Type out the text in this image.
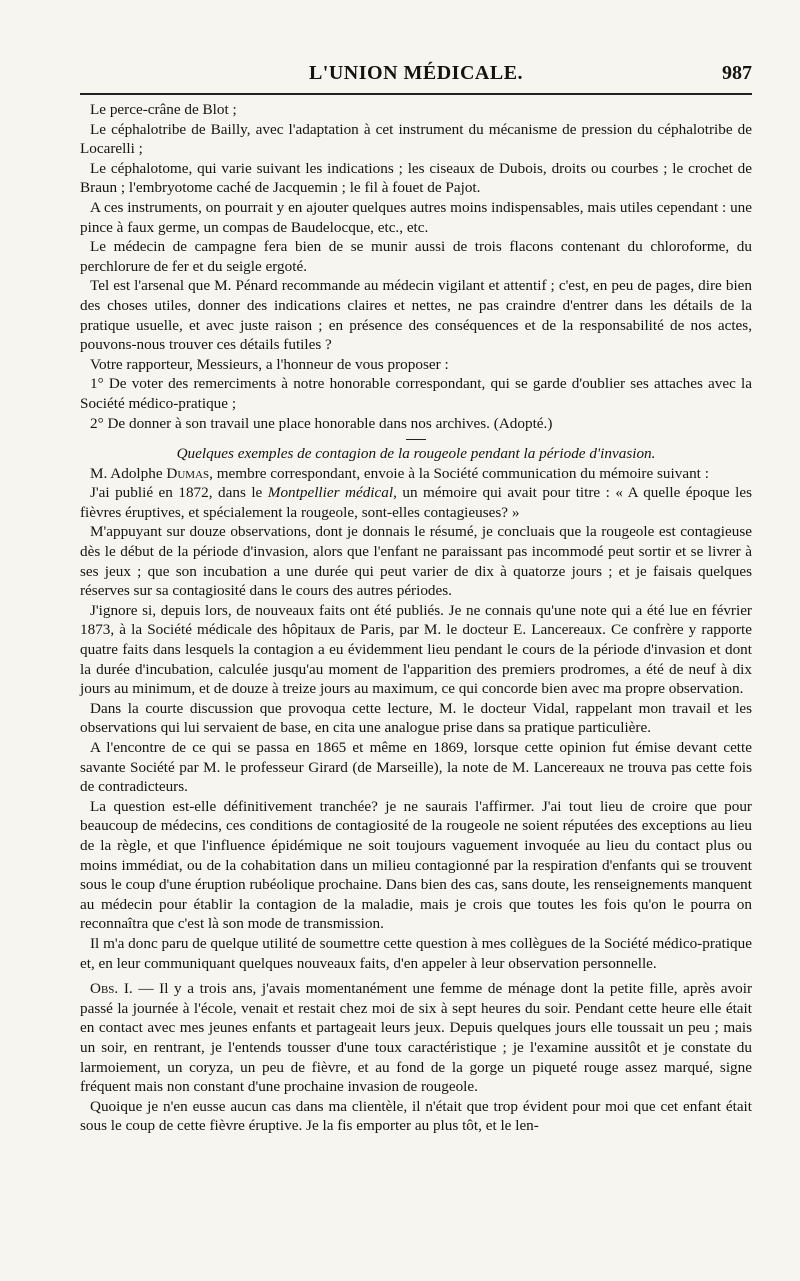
L'UNION MÉDICALE.	987

Le perce-crâne de Blot ;

Le céphalotribe de Bailly, avec l'adaptation à cet instrument du mécanisme de pression du céphalotribe de Locarelli ;

Le céphalotome, qui varie suivant les indications ; les ciseaux de Dubois, droits ou courbes ; le crochet de Braun ; l'embryotome caché de Jacquemin ; le fil à fouet de Pajot.

A ces instruments, on pourrait y en ajouter quelques autres moins indispensables, mais utiles cependant : une pince à faux germe, un compas de Baudelocque, etc., etc.

Le médecin de campagne fera bien de se munir aussi de trois flacons contenant du chloroforme, du perchlorure de fer et du seigle ergoté.

Tel est l'arsenal que M. Pénard recommande au médecin vigilant et attentif ; c'est, en peu de pages, dire bien des choses utiles, donner des indications claires et nettes, ne pas craindre d'entrer dans les détails de la pratique usuelle, et avec juste raison ; en présence des conséquences et de la responsabilité de nos actes, pouvons-nous trouver ces détails futiles ?

Votre rapporteur, Messieurs, a l'honneur de vous proposer :

1° De voter des remerciments à notre honorable correspondant, qui se garde d'oublier ses attaches avec la Société médico-pratique ;

2° De donner à son travail une place honorable dans nos archives. (Adopté.)

Quelques exemples de contagion de la rougeole pendant la période d'invasion.

M. Adolphe Dumas, membre correspondant, envoie à la Société communication du mémoire suivant :

J'ai publié en 1872, dans le Montpellier médical, un mémoire qui avait pour titre : « A quelle époque les fièvres éruptives, et spécialement la rougeole, sont-elles contagieuses? »

M'appuyant sur douze observations, dont je donnais le résumé, je concluais que la rougeole est contagieuse dès le début de la période d'invasion, alors que l'enfant ne paraissant pas incommodé peut sortir et se livrer à ses jeux ; que son incubation a une durée qui peut varier de dix à quatorze jours ; et je faisais quelques réserves sur sa contagiosité dans le cours des autres périodes.

J'ignore si, depuis lors, de nouveaux faits ont été publiés. Je ne connais qu'une note qui a été lue en février 1873, à la Société médicale des hôpitaux de Paris, par M. le docteur E. Lancereaux. Ce confrère y rapporte quatre faits dans lesquels la contagion a eu évidemment lieu pendant le cours de la période d'invasion et dont la durée d'incubation, calculée jusqu'au moment de l'apparition des premiers prodromes, a été de neuf à dix jours au minimum, et de douze à treize jours au maximum, ce qui concorde bien avec ma propre observation.

Dans la courte discussion que provoqua cette lecture, M. le docteur Vidal, rappelant mon travail et les observations qui lui servaient de base, en cita une analogue prise dans sa pratique particulière.

A l'encontre de ce qui se passa en 1865 et même en 1869, lorsque cette opinion fut émise devant cette savante Société par M. le professeur Girard (de Marseille), la note de M. Lancereaux ne trouva pas cette fois de contradicteurs.

La question est-elle définitivement tranchée? je ne saurais l'affirmer. J'ai tout lieu de croire que pour beaucoup de médecins, ces conditions de contagiosité de la rougeole ne soient réputées des exceptions au lieu de la règle, et que l'influence épidémique ne soit toujours vaguement invoquée au lieu du contact plus ou moins immédiat, ou de la cohabitation dans un milieu contagionné par la respiration d'enfants qui se trouvent sous le coup d'une éruption rubéolique prochaine. Dans bien des cas, sans doute, les renseignements manquent au médecin pour établir la contagion de la maladie, mais je crois que toutes les fois qu'on le pourra on reconnaîtra que c'est là son mode de transmission.

Il m'a donc paru de quelque utilité de soumettre cette question à mes collègues de la Société médico-pratique et, en leur communiquant quelques nouveaux faits, d'en appeler à leur observation personnelle.

Obs. I. — Il y a trois ans, j'avais momentanément une femme de ménage dont la petite fille, après avoir passé la journée à l'école, venait et restait chez moi de six à sept heures du soir. Pendant cette heure elle était en contact avec mes jeunes enfants et partageait leurs jeux. Depuis quelques jours elle toussait un peu ; mais un soir, en rentrant, je l'entends tousser d'une toux caractéristique ; je l'examine aussitôt et je constate du larmoiement, un coryza, un peu de fièvre, et au fond de la gorge un piqueté rouge assez marqué, signe fréquent mais non constant d'une prochaine invasion de rougeole.

Quoique je n'en eusse aucun cas dans ma clientèle, il n'était que trop évident pour moi que cet enfant était sous le coup de cette fièvre éruptive. Je la fis emporter au plus tôt, et le len-
